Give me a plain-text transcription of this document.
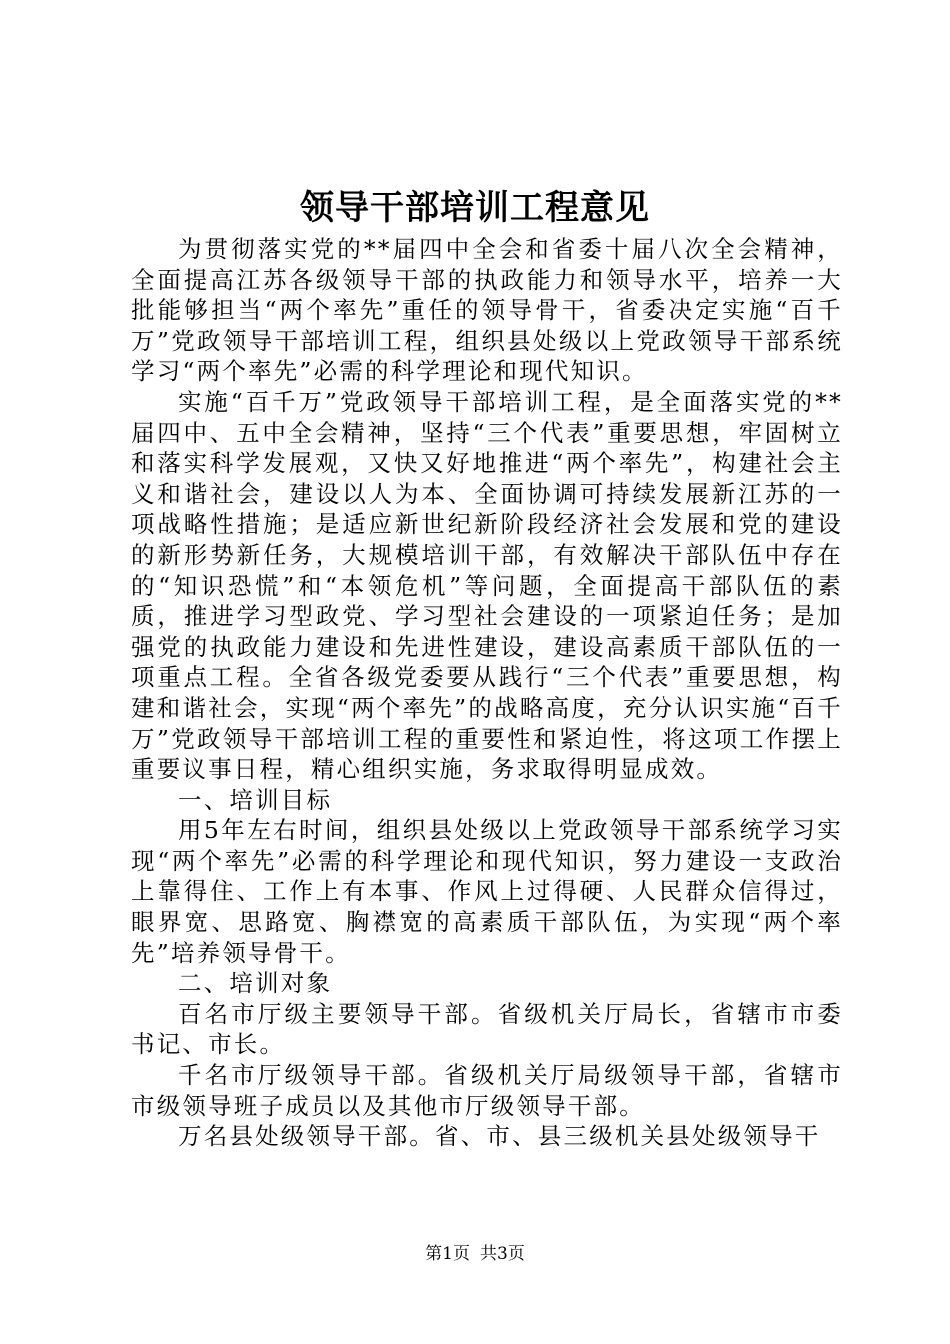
领导干部培训工程意见

为贯彻落实党的**届四中全会和省委十届八次全会精神，全面提高江苏各级领导干部的执政能力和领导水平，培养一大批能够担当“两个率先”重任的领导骨干，省委决定实施“百千万”党政领导干部培训工程，组织县处级以上党政领导干部系统学习“两个率先”必需的科学理论和现代知识。

实施“百千万”党政领导干部培训工程，是全面落实党的**届四中、五中全会精神，坚持“三个代表”重要思想，牢固树立和落实科学发展观，又快又好地推进“两个率先”，构建社会主义和谐社会，建设以人为本、全面协调可持续发展新江苏的一项战略性措施；是适应新世纪新阶段经济社会发展和党的建设的新形势新任务，大规模培训干部，有效解决干部队伍中存在的“知识恐慌”和“本领危机”等问题，全面提高干部队伍的素质，推进学习型政党、学习型社会建设的一项紧迫任务；是加强党的执政能力建设和先进性建设，建设高素质干部队伍的一项重点工程。全省各级党委要从践行“三个代表”重要思想，构建和谐社会，实现“两个率先”的战略高度，充分认识实施“百千万”党政领导干部培训工程的重要性和紧迫性，将这项工作摆上重要议事日程，精心组织实施，务求取得明显成效。

一、培训目标

用5年左右时间，组织县处级以上党政领导干部系统学习实现“两个率先”必需的科学理论和现代知识，努力建设一支政治上靠得住、工作上有本事、作风上过得硬、人民群众信得过，眼界宽、思路宽、胸襟宽的高素质干部队伍，为实现“两个率先”培养领导骨干。

二、培训对象

百名市厅级主要领导干部。省级机关厅局长，省辖市市委书记、市长。

千名市厅级领导干部。省级机关厅局级领导干部，省辖市市级领导班子成员以及其他市厅级领导干部。

万名县处级领导干部。省、市、县三级机关县处级领导干

第1页 共3页
